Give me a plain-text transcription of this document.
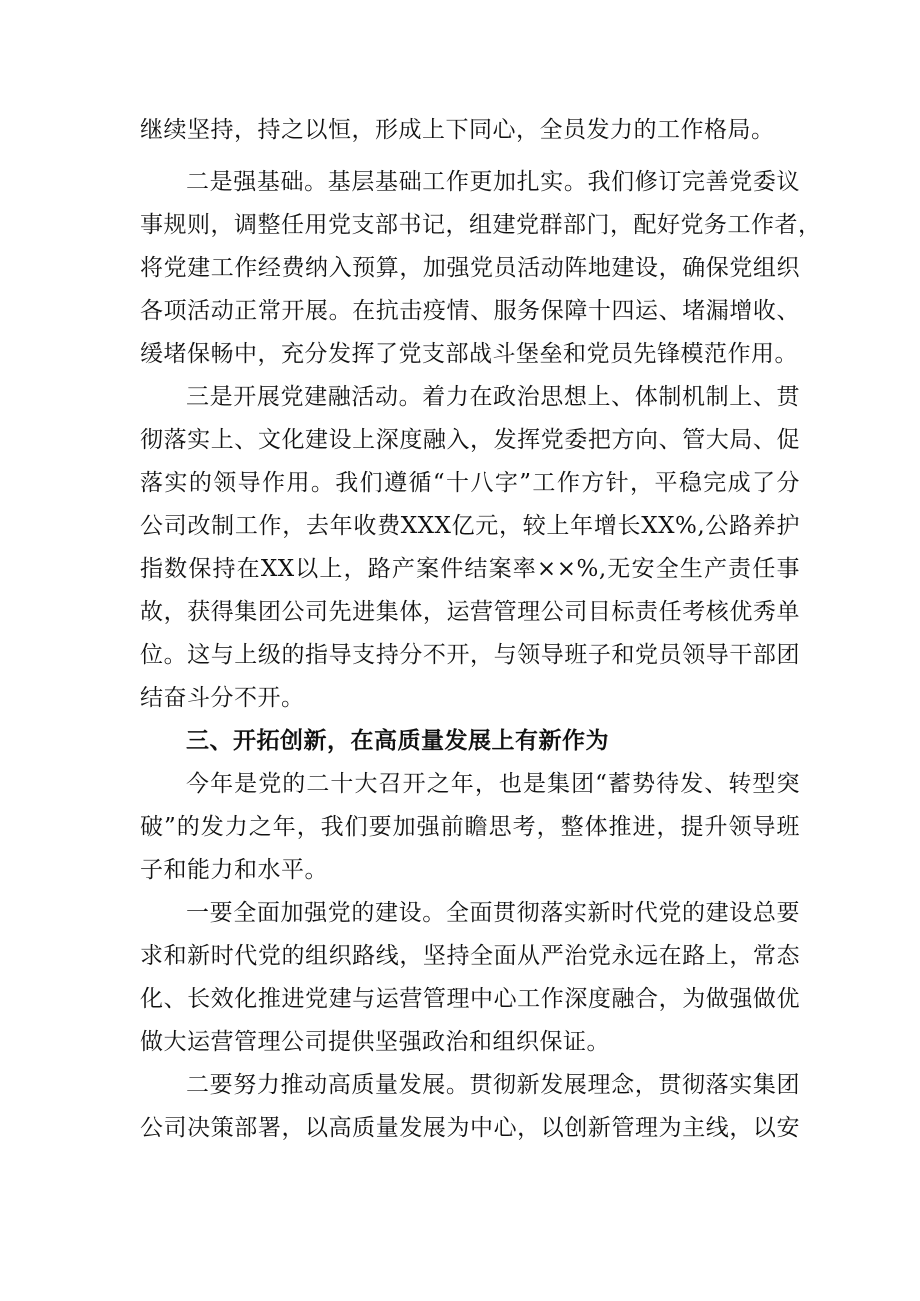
继续坚持，持之以恒，形成上下同心，全员发力的工作格局。
二是强基础。基层基础工作更加扎实。我们修订完善党委议
事规则，调整任用党支部书记，组建党群部门，配好党务工作者，
将党建工作经费纳入预算，加强党员活动阵地建设，确保党组织
各项活动正常开展。在抗击疫情、服务保障十四运、堵漏增收、
缓堵保畅中，充分发挥了党支部战斗堡垒和党员先锋模范作用。
三是开展党建融活动。着力在政治思想上、体制机制上、贯
彻落实上、文化建设上深度融入，发挥党委把方向、管大局、促
落实的领导作用。我们遵循“十八字”工作方针，平稳完成了分
公司改制工作，去年收费XXX亿元，较上年增长XX%,公路养护
指数保持在XX以上，路产案件结案率××%,无安全生产责任事
故，获得集团公司先进集体，运营管理公司目标责任考核优秀单
位。这与上级的指导支持分不开，与领导班子和党员领导干部团
结奋斗分不开。
三、开拓创新，在高质量发展上有新作为
今年是党的二十大召开之年，也是集团“蓄势待发、转型突
破”的发力之年，我们要加强前瞻思考，整体推进，提升领导班
子和能力和水平。
一要全面加强党的建设。全面贯彻落实新时代党的建设总要
求和新时代党的组织路线，坚持全面从严治党永远在路上，常态
化、长效化推进党建与运营管理中心工作深度融合，为做强做优
做大运营管理公司提供坚强政治和组织保证。
二要努力推动高质量发展。贯彻新发展理念，贯彻落实集团
公司决策部署，以高质量发展为中心，以创新管理为主线，以安
